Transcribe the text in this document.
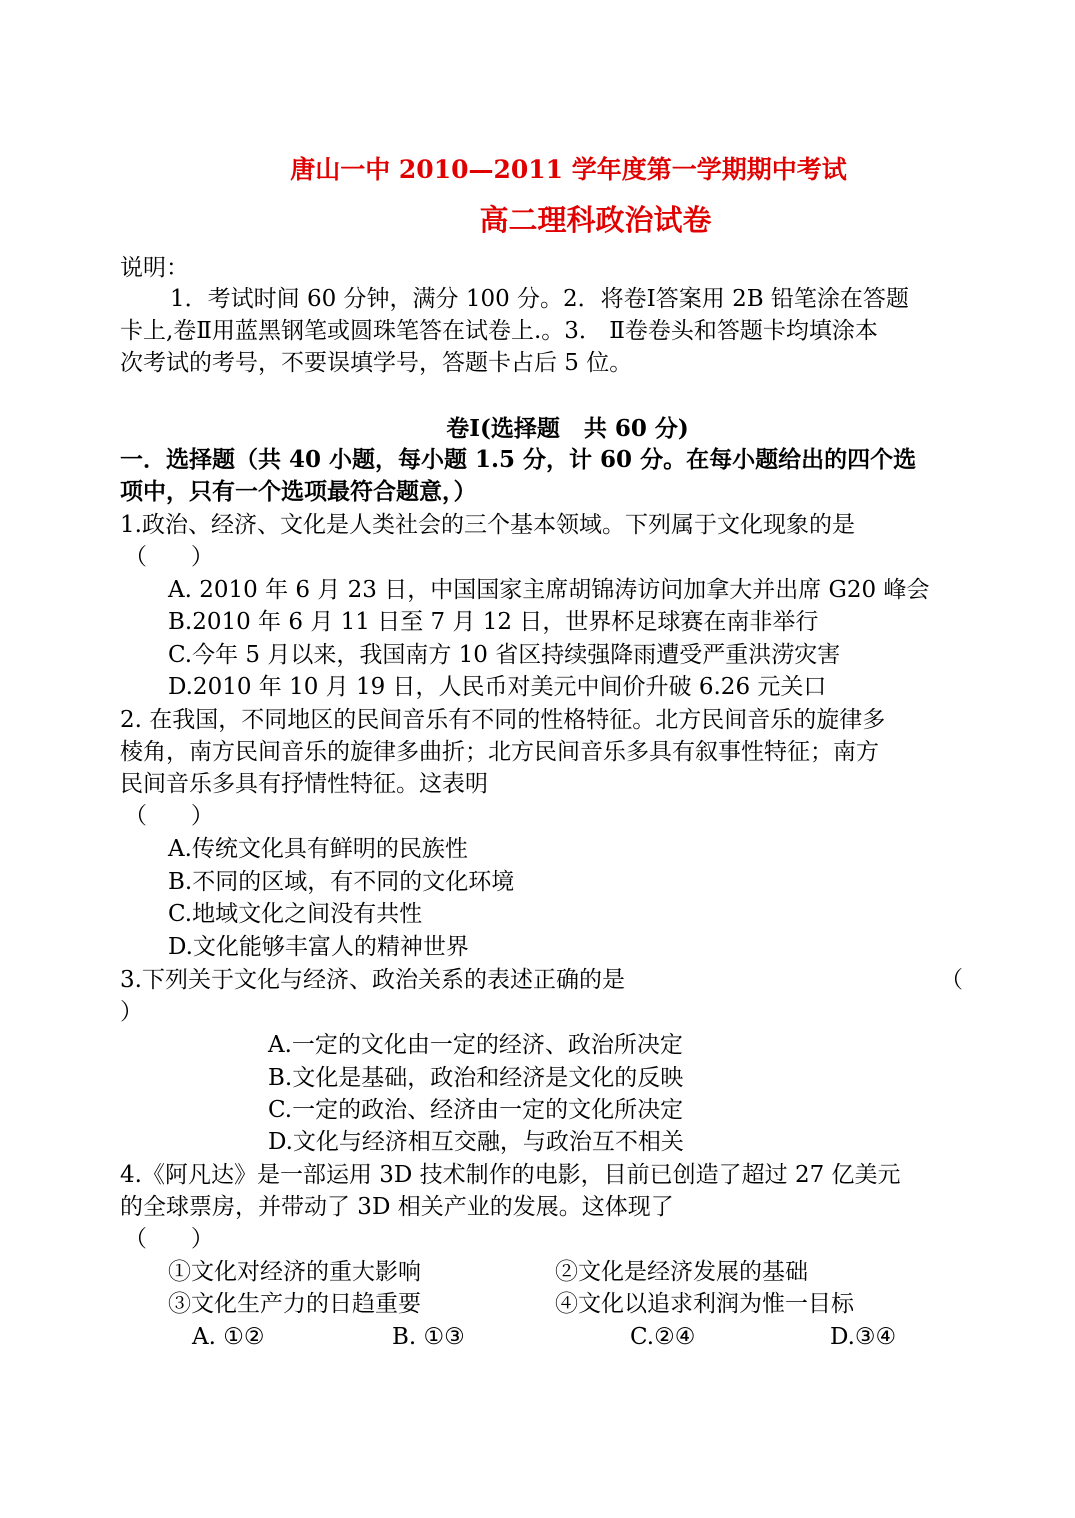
唐山一中 2010—2011 学年度第一学期期中考试
高二理科政治试卷
说明：
1．考试时间 60 分钟，满分 100 分。2．将卷Ⅰ答案用 2B 铅笔涂在答题
卡上,卷Ⅱ用蓝黑钢笔或圆珠笔答在试卷上.。3． Ⅱ卷卷头和答题卡均填涂本
次考试的考号，不要误填学号，答题卡占后 5 位。
卷Ⅰ(选择题   共 60 分)
一．选择题（共 40 小题，每小题 1.5 分，计 60 分。在每小题给出的四个选
项中，只有一个选项最符合题意，）
1.政治、经济、文化是人类社会的三个基本领域。下列属于文化现象的是
（      ）
A. 2010 年 6 月 23 日，中国国家主席胡锦涛访问加拿大并出席 G20 峰会
B.2010 年 6 月 11 日至 7 月 12 日，世界杯足球赛在南非举行
C.今年 5 月以来，我国南方 10 省区持续强降雨遭受严重洪涝灾害
D.2010 年 10 月 19 日，人民币对美元中间价升破 6.26 元关口
2. 在我国，不同地区的民间音乐有不同的性格特征。北方民间音乐的旋律多
棱角，南方民间音乐的旋律多曲折；北方民间音乐多具有叙事性特征；南方
民间音乐多具有抒情性特征。这表明
（      ）
A.传统文化具有鲜明的民族性
B.不同的区域，有不同的文化环境
C.地域文化之间没有共性
D.文化能够丰富人的精神世界
3.下列关于文化与经济、政治关系的表述正确的是	（
）
A.一定的文化由一定的经济、政治所决定
B.文化是基础，政治和经济是文化的反映
C.一定的政治、经济由一定的文化所决定
D.文化与经济相互交融，与政治互不相关
4.《阿凡达》是一部运用 3D 技术制作的电影，目前已创造了超过 27 亿美元
的全球票房，并带动了 3D 相关产业的发展。这体现了
（      ）
①文化对经济的重大影响	②文化是经济发展的基础
③文化生产力的日趋重要	④文化以追求利润为惟一目标
A. ①②	B. ①③	C.②④	D.③④
